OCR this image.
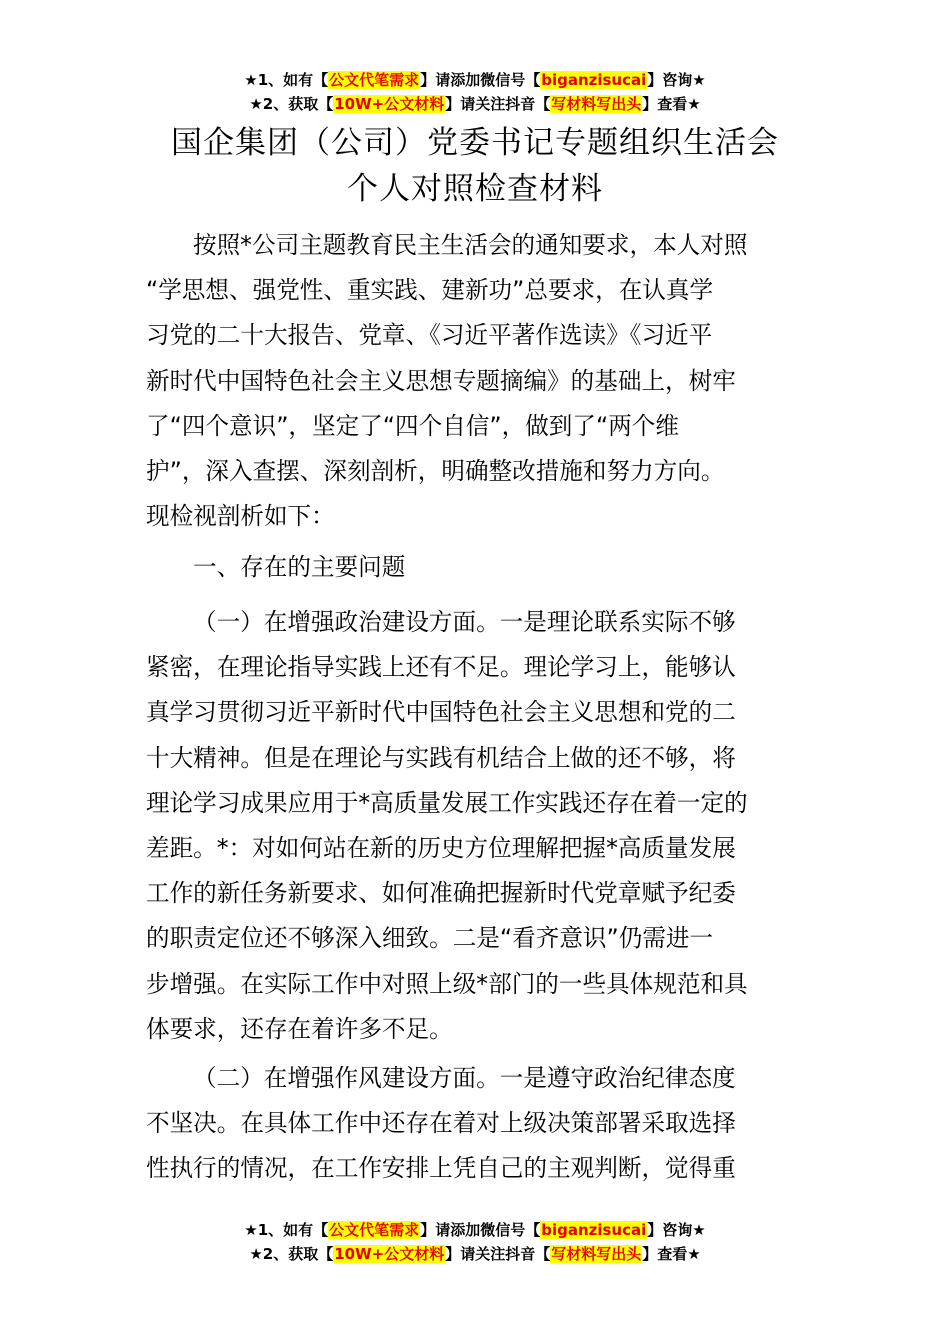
★1、如有【公文代笔需求】请添加微信号【biganzisucai】咨询★
★2、获取【10W+公文材料】请关注抖音【写材料写出头】查看★
国企集团（公司）党委书记专题组织生活会
个人对照检查材料
按照*公司主题教育民主生活会的通知要求，本人对照
“学思想、强党性、重实践、建新功”总要求，在认真学
习党的二十大报告、党章、《习近平著作选读》《习近平
新时代中国特色社会主义思想专题摘编》的基础上，树牢
了“四个意识”，坚定了“四个自信”，做到了“两个维
护”，深入查摆、深刻剖析，明确整改措施和努力方向。
现检视剖析如下：
一、存在的主要问题
（一）在增强政治建设方面。一是理论联系实际不够
紧密，在理论指导实践上还有不足。理论学习上，能够认
真学习贯彻习近平新时代中国特色社会主义思想和党的二
十大精神。但是在理论与实践有机结合上做的还不够，将
理论学习成果应用于*高质量发展工作实践还存在着一定的
差距。*：对如何站在新的历史方位理解把握*高质量发展
工作的新任务新要求、如何准确把握新时代党章赋予纪委
的职责定位还不够深入细致。二是“看齐意识”仍需进一
步增强。在实际工作中对照上级*部门的一些具体规范和具
体要求，还存在着许多不足。
（二）在增强作风建设方面。一是遵守政治纪律态度
不坚决。在具体工作中还存在着对上级决策部署采取选择
性执行的情况，在工作安排上凭自己的主观判断，觉得重
★1、如有【公文代笔需求】请添加微信号【biganzisucai】咨询★
★2、获取【10W+公文材料】请关注抖音【写材料写出头】查看★
